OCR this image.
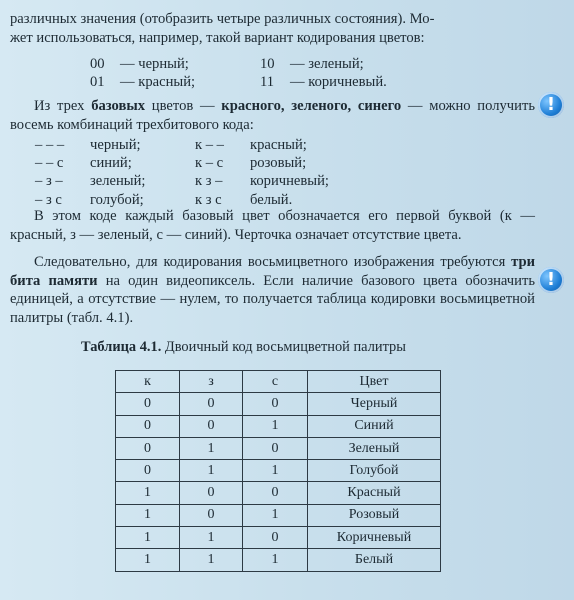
различных значения (отобразить четыре различных состояния). Мо-
жет использоваться, например, такой вариант кодирования цветов:
00	— черный;	10	— зеленый;
01	— красный;	11	— коричневый.
Из трех базовых цветов — красного, зеленого, синего — можно получить восемь комбинаций трехбитового кода:
– – –	черный;	к – –	красный;
– – с	синий;	к – с	розовый;
– з –	зеленый;	к з –	коричневый;
– з с	голубой;	к з с	белый.
В этом коде каждый базовый цвет обозначается его первой буквой (к — красный, з — зеленый, с — синий). Черточка означает отсутствие цвета.
Следовательно, для кодирования восьмицветного изображения требуются три бита памяти на один видеопиксель. Если наличие базового цвета обозначить единицей, а отсутствие — нулем, то получается таблица кодировки восьмицветной палитры (табл. 4.1).
Таблица 4.1. Двоичный код восьмицветной палитры
к	з	с	Цвет
0	0	0	Черный
0	0	1	Синий
0	1	0	Зеленый
0	1	1	Голубой
1	0	0	Красный
1	0	1	Розовый
1	1	0	Коричневый
1	1	1	Белый
!
!
